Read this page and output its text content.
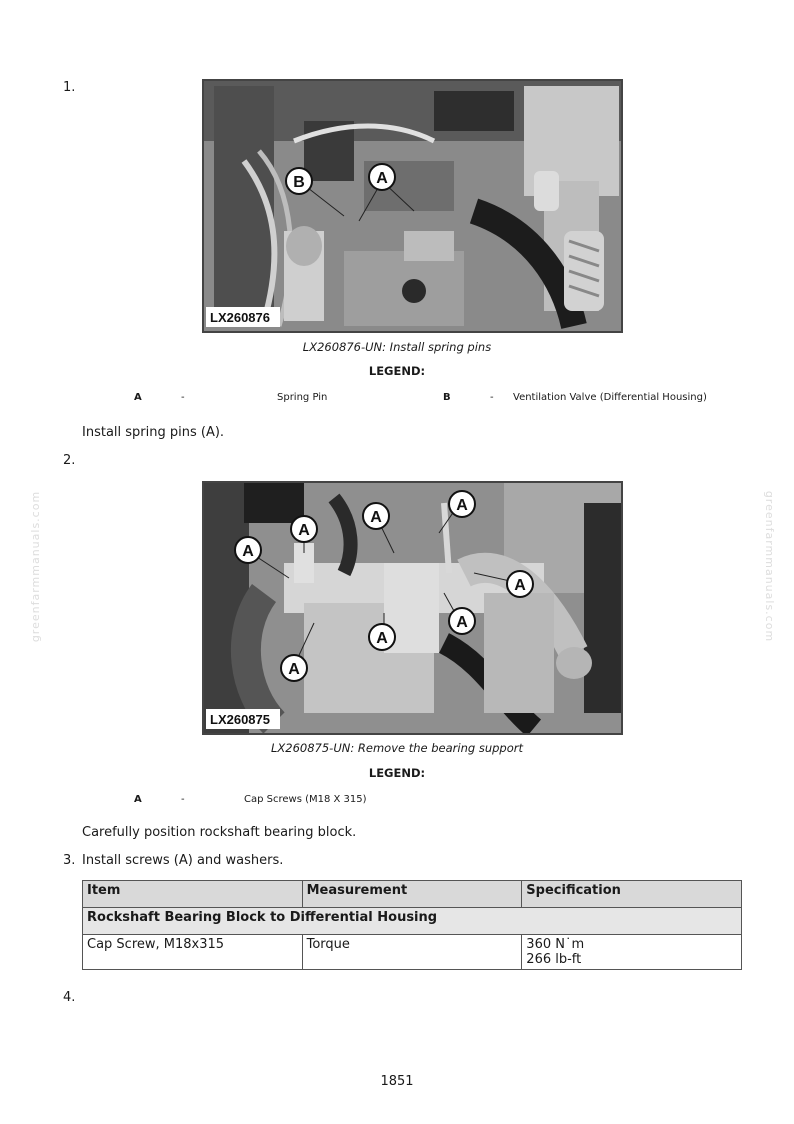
greenfarmmanuals.com	greenfarmmanuals.com
1.
B	A
LX260876
LX260876-UN: Install spring pins
LEGEND:
A	-	Spring Pin	B	- Ventilation Valve (Differential Housing)
Install spring pins (A).
2.
A
A
A
A
A
A
A
A
LX260875
LX260875-UN: Remove the bearing support
LEGEND:
A	-	Cap Screws (M18 X 315)
Carefully position rockshaft bearing block.
3. Install screws (A) and washers.
Item	Measurement	Specification
Rockshaft Bearing Block to Differential Housing		
Cap Screw, M18x315	Torque	360 N˙m
266 lb-ft
4.
1851
